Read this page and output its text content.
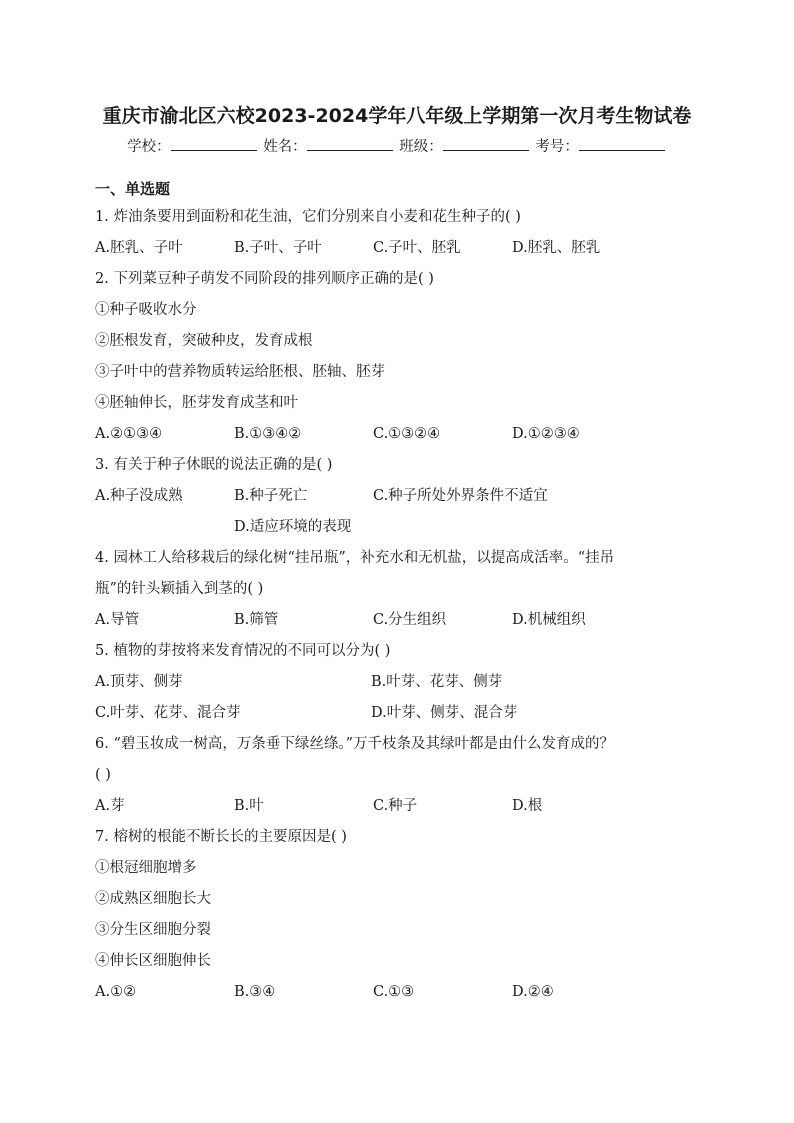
重庆市渝北区六校2023-2024学年八年级上学期第一次月考生物试卷
学校：	姓名：	班级：	考号：
一、单选题

1. 炸油条要用到面粉和花生油，它们分别来自小麦和花生种子的( )

A.胚乳、子叶	B.子叶、子叶	C.子叶、胚乳	D.胚乳、胚乳

2. 下列菜豆种子萌发不同阶段的排列顺序正确的是( )

①种子吸收水分

②胚根发育，突破种皮，发育成根

③子叶中的营养物质转运给胚根、胚轴、胚芽

④胚轴伸长，胚芽发育成茎和叶

A.②①③④	B.①③④②	C.①③②④	D.①②③④

3. 有关于种子休眠的说法正确的是( )

A.种子没成熟	B.种子死亡	C.种子所处外界条件不适宜
D.适应环境的表现

4. 园林工人给移栽后的绿化树“挂吊瓶”，补充水和无机盐，以提高成活率。“挂吊

瓶”的针头颖插入到茎的( )

A.导管	B.筛管	C.分生组织	D.机械组织

5. 植物的芽按将来发育情况的不同可以分为( )

A.顶芽、侧芽	B.叶芽、花芽、侧芽
C.叶芽、花芽、混合芽	D.叶芽、侧芽、混合芽

6. “碧玉妆成一树高，万条垂下绿丝绦。”万千枝条及其绿叶都是由什么发育成的？

( )

A.芽	B.叶	C.种子	D.根

7. 榕树的根能不断长长的主要原因是( )

①根冠细胞增多

②成熟区细胞长大

③分生区细胞分裂

④伸长区细胞伸长

A.①②	B.③④	C.①③	D.②④
